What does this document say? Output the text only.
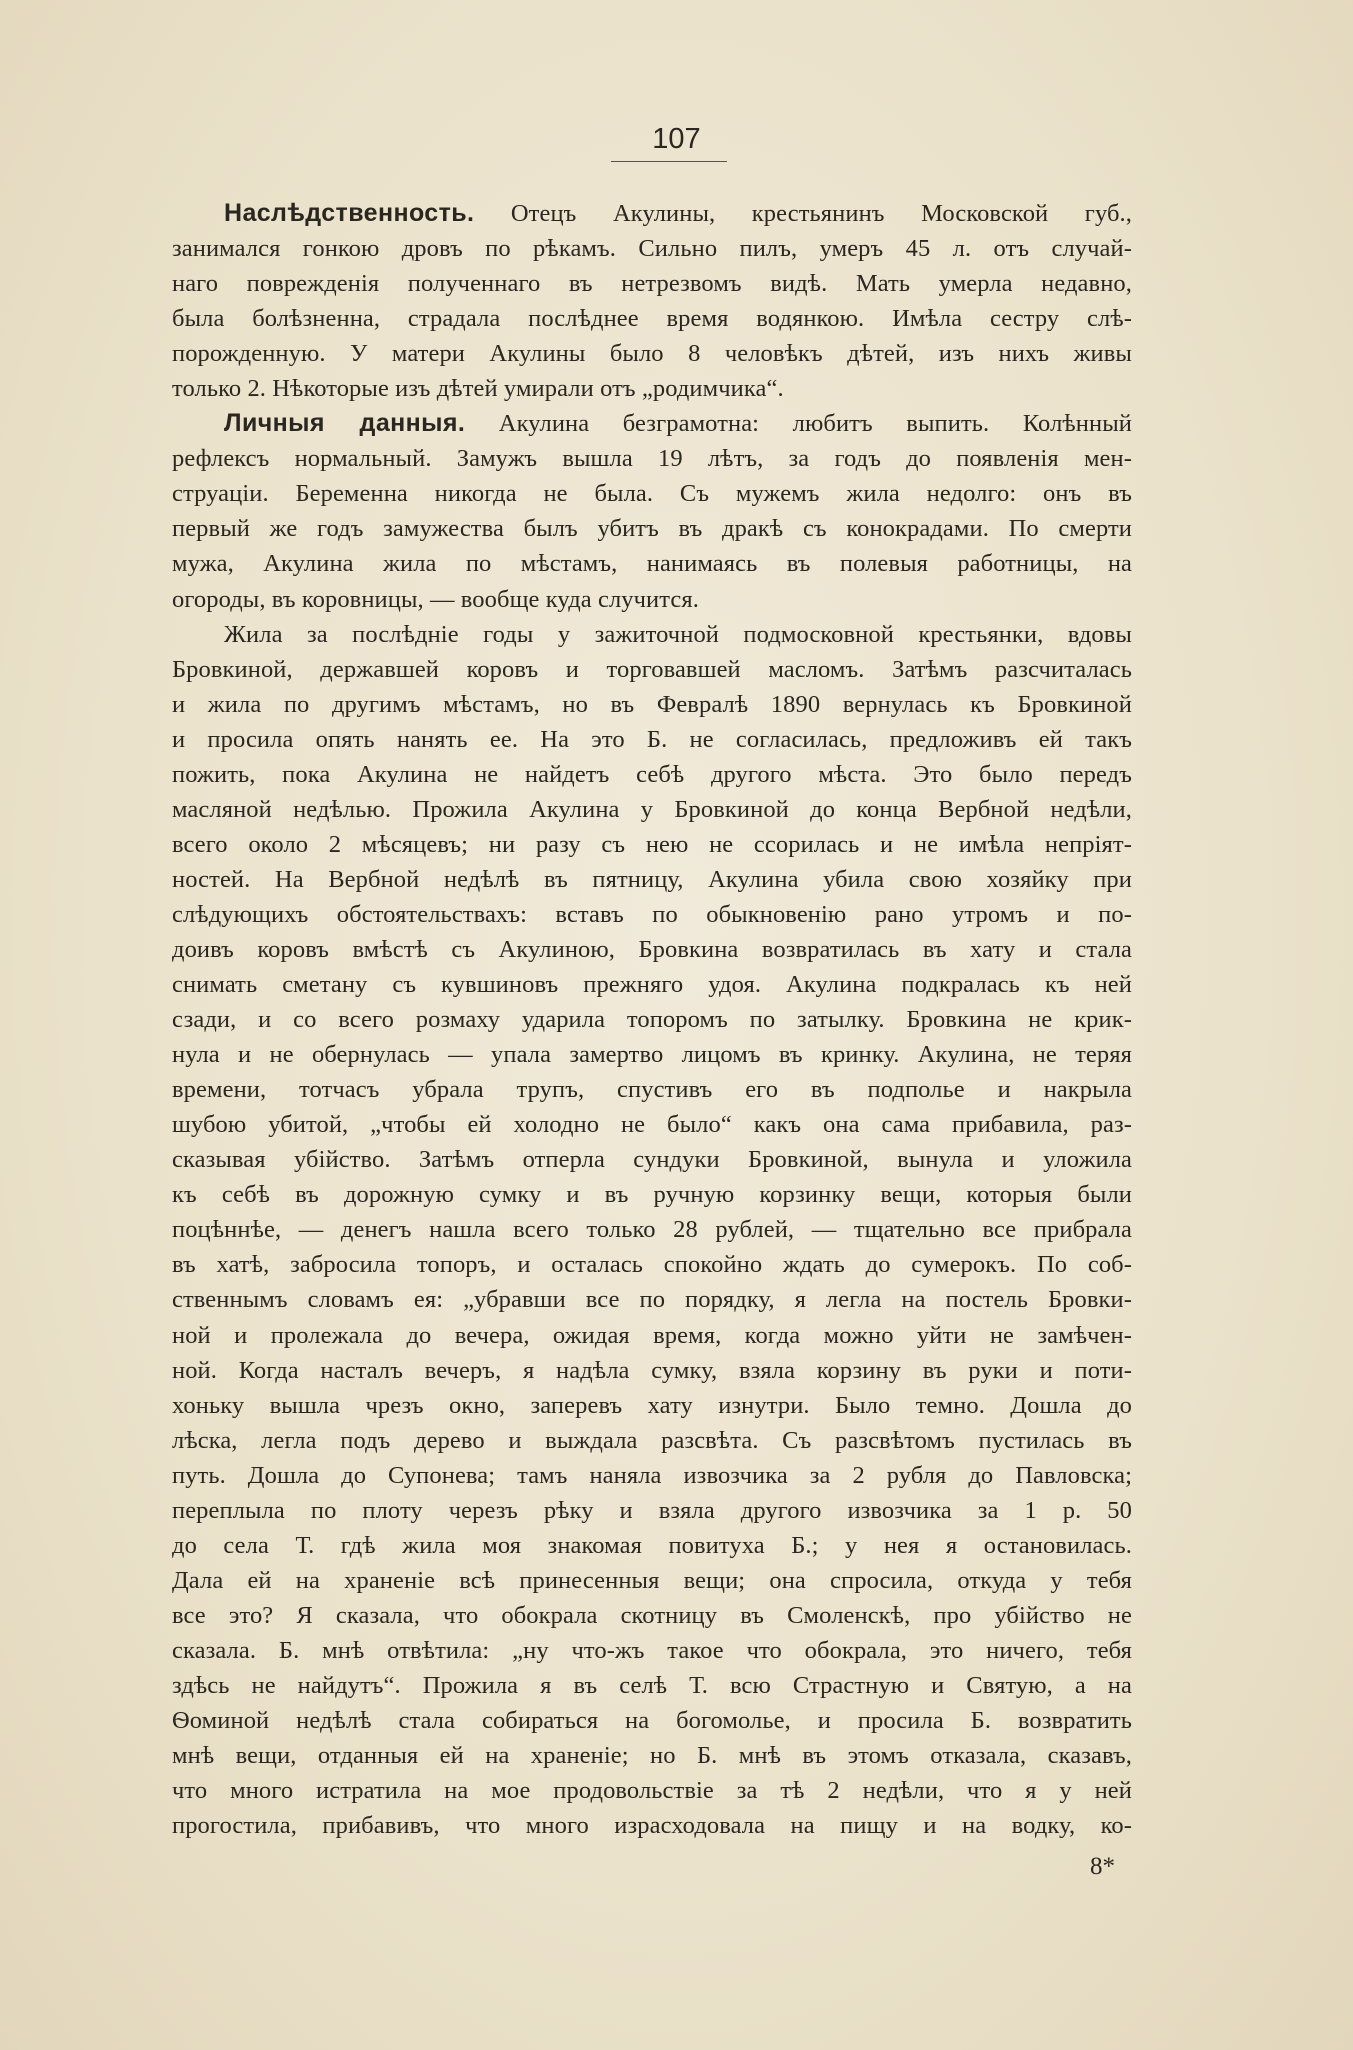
107
Наслѣдственность. Отецъ Акулины, крестьянинъ Московской губ.,
занимался гонкою дровъ по рѣкамъ. Сильно пилъ, умеръ 45 л. отъ случай-
наго поврежденія полученнаго въ нетрезвомъ видѣ. Мать умерла недавно,
была болѣзненна, страдала послѣднее время водянкою. Имѣла сестру слѣ-
порожденную. У матери Акулины было 8 человѣкъ дѣтей, изъ нихъ живы
только 2. Нѣкоторые изъ дѣтей умирали отъ „родимчика“.
Личныя данныя. Акулина безграмотна: любитъ выпить. Колѣнный
рефлексъ нормальный. Замужъ вышла 19 лѣтъ, за годъ до появленія мен-
струаціи. Беременна никогда не была. Съ мужемъ жила недолго: онъ въ
первый же годъ замужества былъ убитъ въ дракѣ съ конокрадами. По смерти
мужа, Акулина жила по мѣстамъ, нанимаясь въ полевыя работницы, на
огороды, въ коровницы, — вообще куда случится.
Жила за послѣдніе годы у зажиточной подмосковной крестьянки, вдовы
Бровкиной, державшей коровъ и торговавшей масломъ. Затѣмъ разсчиталась
и жила по другимъ мѣстамъ, но въ Февралѣ 1890 вернулась къ Бровкиной
и просила опять нанять ее. На это Б. не согласилась, предложивъ ей такъ
пожить, пока Акулина не найдетъ себѣ другого мѣста. Это было передъ
масляной недѣлью. Прожила Акулина у Бровкиной до конца Вербной недѣли,
всего около 2 мѣсяцевъ; ни разу съ нею не ссорилась и не имѣла непріят-
ностей. На Вербной недѣлѣ въ пятницу, Акулина убила свою хозяйку при
слѣдующихъ обстоятельствахъ: вставъ по обыкновенію рано утромъ и по-
доивъ коровъ вмѣстѣ съ Акулиною, Бровкина возвратилась въ хату и стала
снимать сметану съ кувшиновъ прежняго удоя. Акулина подкралась къ ней
сзади, и со всего розмаху ударила топоромъ по затылку. Бровкина не крик-
нула и не обернулась — упала замертво лицомъ въ кринку. Акулина, не теряя
времени, тотчасъ убрала трупъ, спустивъ его въ подполье и накрыла
шубою убитой, „чтобы ей холодно не было“ какъ она сама прибавила, раз-
сказывая убійство. Затѣмъ отперла сундуки Бровкиной, вынула и уложила
къ себѣ въ дорожную сумку и въ ручную корзинку вещи, которыя были
поцѣннѣе, — денегъ нашла всего только 28 рублей, — тщательно все прибрала
въ хатѣ, забросила топоръ, и осталась спокойно ждать до сумерокъ. По соб-
ственнымъ словамъ ея: „убравши все по порядку, я легла на постель Бровки-
ной и пролежала до вечера, ожидая время, когда можно уйти не замѣчен-
ной. Когда насталъ вечеръ, я надѣла сумку, взяла корзину въ руки и поти-
хоньку вышла чрезъ окно, заперевъ хату изнутри. Было темно. Дошла до
лѣска, легла подъ дерево и выждала разсвѣта. Съ разсвѣтомъ пустилась въ
путь. Дошла до Супонева; тамъ наняла извозчика за 2 рубля до Павловска;
переплыла по плоту черезъ рѣку и взяла другого извозчика за 1 р. 50
до села Т. гдѣ жила моя знакомая повитуха Б.; у нея я остановилась.
Дала ей на храненіе всѣ принесенныя вещи; она спросила, откуда у тебя
все это? Я сказала, что обокрала скотницу въ Смоленскѣ, про убійство не
сказала. Б. мнѣ отвѣтила: „ну что-жъ такое что обокрала, это ничего, тебя
здѣсь не найдутъ“. Прожила я въ селѣ Т. всю Страстную и Святую, а на
Ѳоминой недѣлѣ стала собираться на богомолье, и просила Б. возвратить
мнѣ вещи, отданныя ей на храненіе; но Б. мнѣ въ этомъ отказала, сказавъ,
что много истратила на мое продовольствіе за тѣ 2 недѣли, что я у ней
прогостила, прибавивъ, что много израсходовала на пищу и на водку, ко-
8*
